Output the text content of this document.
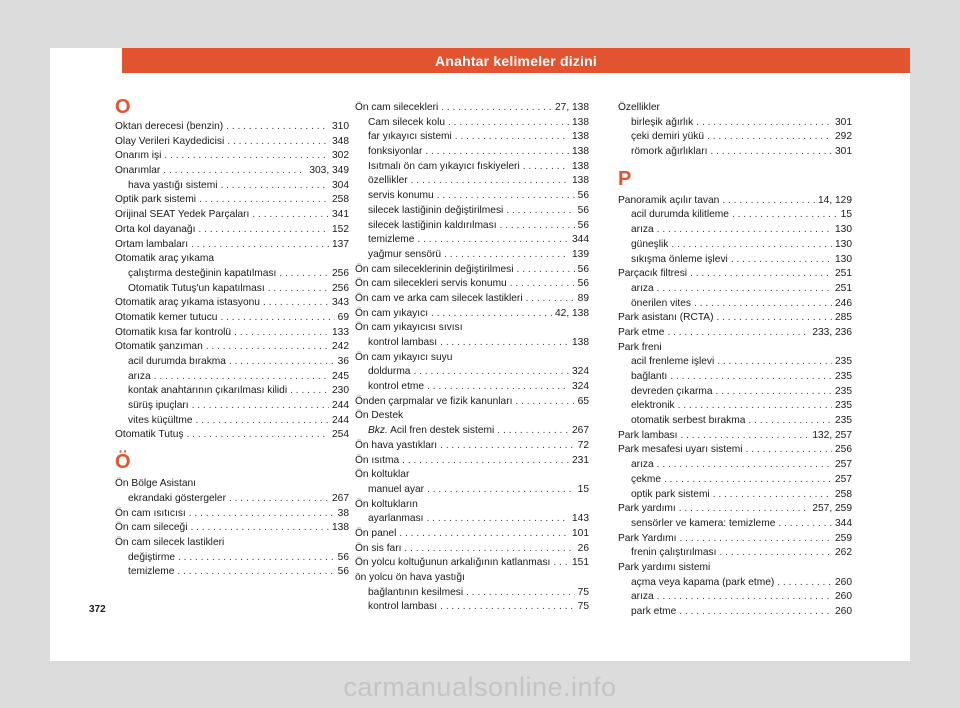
Anahtar kelimeler dizini
O
Oktan derecesi (benzin) . . .	310
Olay Verileri Kaydedicisi . . .	348
Onarım işi . . .	302
Onarımlar . . .	303, 349
hava yastığı sistemi . . .	304
Optik park sistemi . . .	258
Orijinal SEAT Yedek Parçaları . . .	341
Orta kol dayanağı . . .	152
Ortam lambaları . . .	137
Otomatik araç yıkama
çalıştırma desteğinin kapatılması . . .	256
Otomatik Tutuş'un kapatılması . . .	256
Otomatik araç yıkama istasyonu . . .	343
Otomatik kemer tutucu . . .	69
Otomatik kısa far kontrolü . . .	133
Otomatik şanzıman . . .	242
acil durumda bırakma . . .	36
arıza . . .	245
kontak anahtarının çıkarılması kilidi . . .	230
sürüş ipuçları . . .	244
vites küçültme . . .	244
Otomatik Tutuş . . .	254
Ö
Ön Bölge Asistanı
ekrandaki göstergeler . . .	267
Ön cam ısıtıcısı . . .	38
Ön cam sileceği . . .	138
Ön cam silecek lastikleri
değiştirme . . .	56
temizleme . . .	56
Ön cam silecekleri . . .	27, 138
Cam silecek kolu . . .	138
far yıkayıcı sistemi . . .	138
fonksiyonlar . . .	138
Isıtmalı ön cam yıkayıcı fıskiyeleri . . .	138
özellikler . . .	138
servis konumu . . .	56
silecek lastiğinin değiştirilmesi . . .	56
silecek lastiğinin kaldırılması . . .	56
temizleme . . .	344
yağmur sensörü . . .	139
Ön cam sileceklerinin değiştirilmesi . . .	56
Ön cam silecekleri servis konumu . . .	56
Ön cam ve arka cam silecek lastikleri . . .	89
Ön cam yıkayıcı . . .	42, 138
Ön cam yıkayıcısı sıvısı
kontrol lambası . . .	138
Ön cam yıkayıcı suyu
doldurma . . .	324
kontrol etme . . .	324
Önden çarpmalar ve fizik kanunları . . .	65
Ön Destek
Bkz. Acil fren destek sistemi . . .	267
Ön hava yastıkları . . .	72
Ön ısıtma . . .	231
Ön koltuklar
manuel ayar . . .	15
Ön koltukların
ayarlanması . . .	143
Ön panel . . .	101
Ön sis farı . . .	26
Ön yolcu koltuğunun arkalığının katlanması . . . 151
ön yolcu ön hava yastığı
bağlantının kesilmesi . . .	75
kontrol lambası . . .	75
Özellikler
birleşik ağırlık . . .	301
çeki demiri yükü . . .	292
römork ağırlıkları . . .	301
P
Panoramik açılır tavan . . .	14, 129
acil durumda kilitleme . . .	15
arıza . . .	130
güneşlik . . .	130
sıkışma önleme işlevi . . .	130
Parçacık filtresi . . .	251
arıza . . .	251
önerilen vites . . .	246
Park asistanı (RCTA) . . .	285
Park etme . . .	233, 236
Park freni
acil frenleme işlevi . . .	235
bağlantı . . .	235
devreden çıkarma . . .	235
elektronik . . .	235
otomatik serbest bırakma . . .	235
Park lambası . . .	132, 257
Park mesafesi uyarı sistemi . . .	256
arıza . . .	257
çekme . . .	257
optik park sistemi . . .	258
Park yardımı . . .	257, 259
sensörler ve kamera: temizleme . . .	344
Park Yardımı . . .	259
frenin çalıştırılması . . .	262
Park yardımı sistemi
açma veya kapama (park etme) . . .	260
arıza . . .	260
park etme . . .	260
372
carmanualsonline.info
